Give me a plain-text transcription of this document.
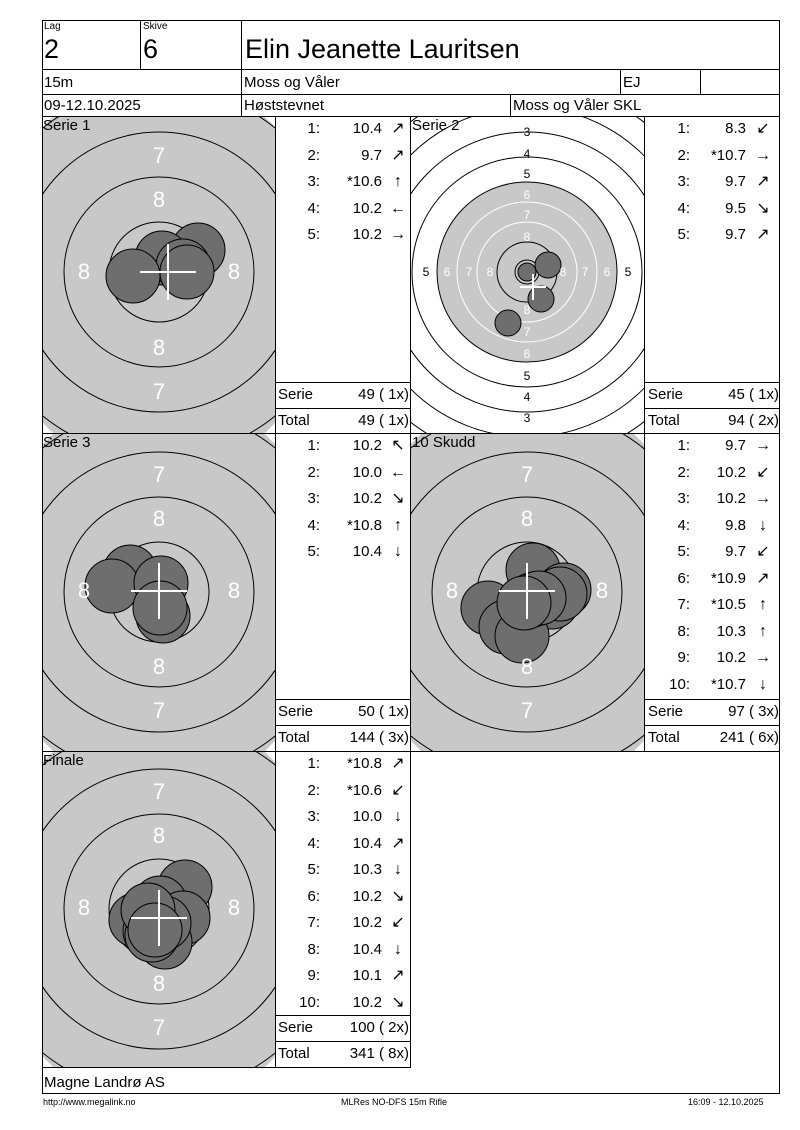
Lag
2
Skive
6	Elin Jeanette Lauritsen
15m	Moss og Våler	EJ
09-12.10.2025	Høststevnet	Moss og Våler SKL
7
8
8	8
8
7
7
8
8	8
8
7
7
8
8	8
8
7
7
8
8	8
8
7
3
4
5
6
7
8
8
7
6
5
4
3
5 6 7 8	8 7 6 5
Serie 1	1:	10.4 ↗
2:	9.7 ↗
3:	*10.6 ↑
4:	10.2 ←
5:	10.2 →
Serie	49 ( 1x)
Total	49 ( 1x)
Serie 2	1:	8.3 ↙
2:	*10.7 →
3:	9.7 ↗
4:	9.5 ↘
5:	9.7 ↗
Serie	45 ( 1x)
Total	94 ( 2x)
Serie 3	1:	10.2 ↖
2:	10.0 ←
3:	10.2 ↘
4:	*10.8 ↑
5:	10.4 ↓
Serie	50 ( 1x)
Total	144 ( 3x)
10 Skudd	1:	9.7 →
2:	10.2 ↙
3:	10.2 →
4:	9.8 ↓
5:	9.7 ↙
6:	*10.9 ↗
7:	*10.5 ↑
8:	10.3 ↑
9:	10.2 →
10:	*10.7 ↓
Serie	97 ( 3x)
Total	241 ( 6x)
Finale	1:	*10.8 ↗
2:	*10.6 ↙
3:	10.0 ↓
4:	10.4 ↗
5:	10.3 ↓
6:	10.2 ↘
7:	10.2 ↙
8:	10.4 ↓
9:	10.1 ↗
10:	10.2 ↘
Serie 100 ( 2x)
Total	341 ( 8x)
Magne Landrø AS
http://www.megalink.no	MLRes NO-DFS 15m Rifle	16:09 - 12.10.2025
